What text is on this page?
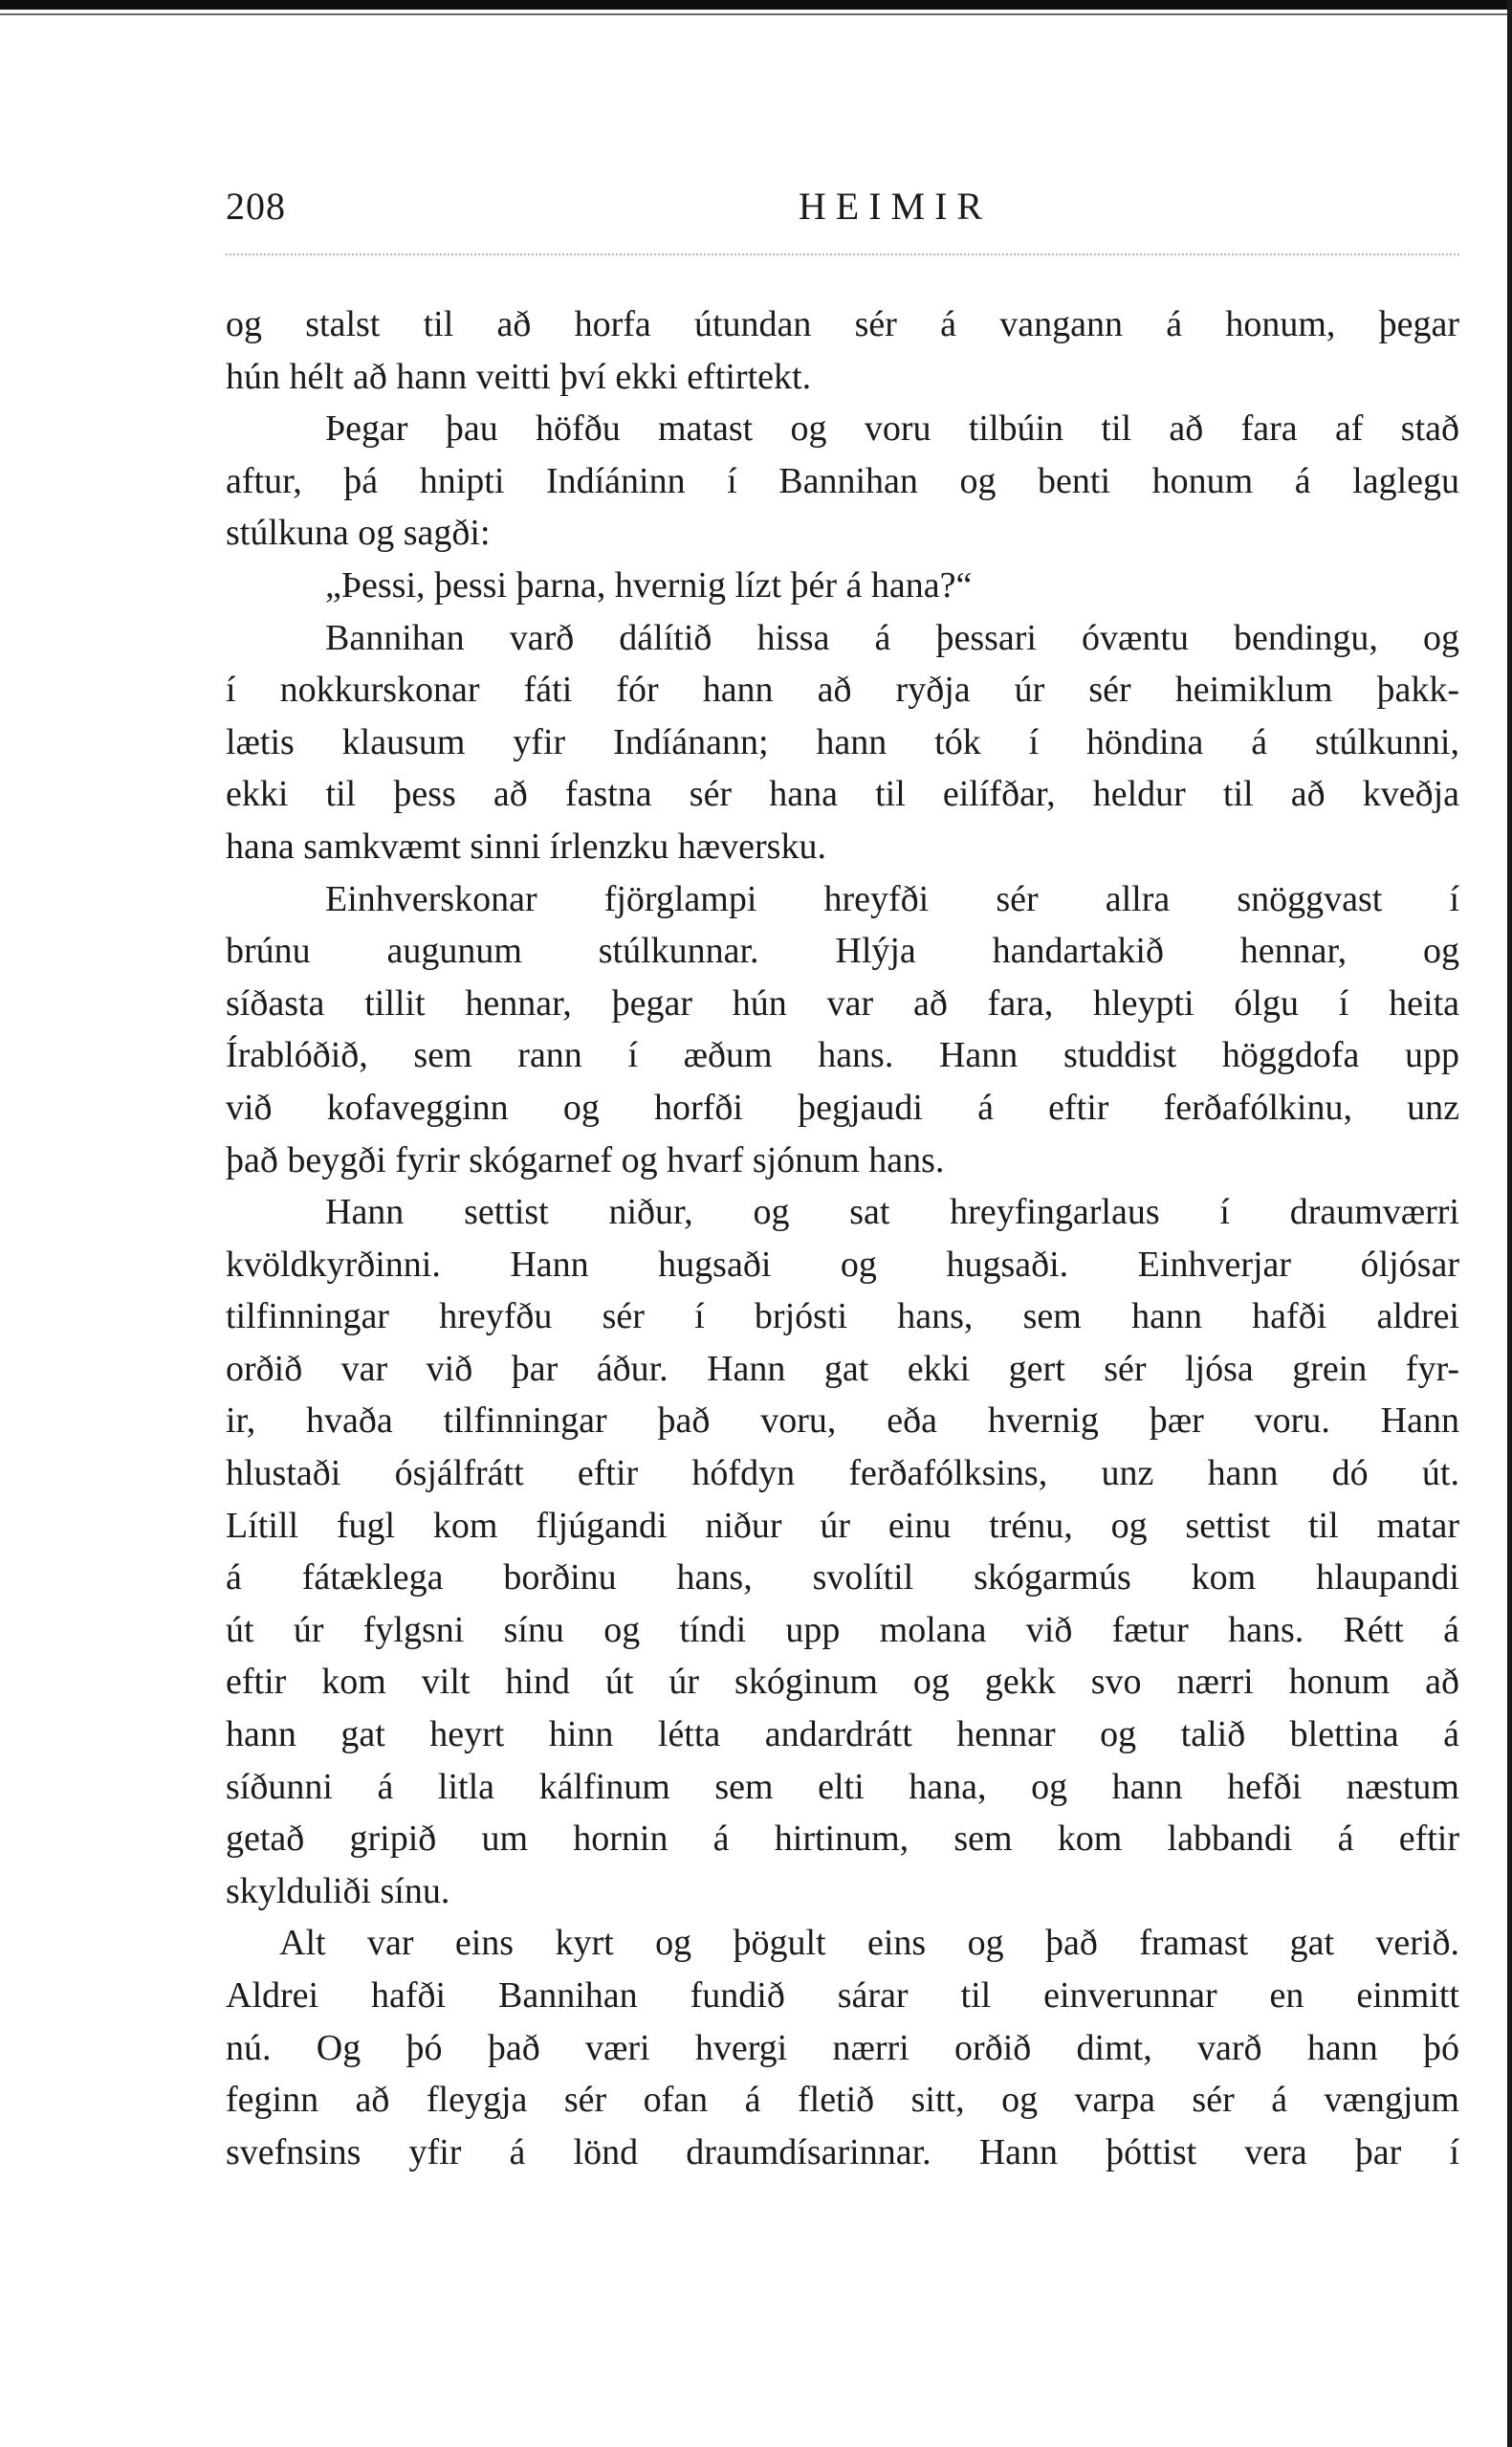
208	HEIMIR
og stalst til að horfa útundan sér á vangann á honum, þegar
hún hélt að hann veitti því ekki eftirtekt.
Þegar þau höfðu matast og voru tilbúin til að fara af stað
aftur, þá hnipti Indíáninn í Bannihan og benti honum á laglegu
stúlkuna og sagði:
„Þessi, þessi þarna, hvernig lízt þér á hana?“
Bannihan varð dálítið hissa á þessari óvæntu bendingu, og
í nokkurskonar fáti fór hann að ryðja úr sér heimiklum þakk-
lætis klausum yfir Indíánann; hann tók í höndina á stúlkunni,
ekki til þess að fastna sér hana til eilífðar, heldur til að kveðja
hana samkvæmt sinni írlenzku hæversku.
Einhverskonar fjörglampi hreyfði sér allra snöggvast í
brúnu augunum stúlkunnar. Hlýja handartakið hennar, og
síðasta tillit hennar, þegar hún var að fara, hleypti ólgu í heita
Írablóðið, sem rann í æðum hans. Hann studdist höggdofa upp
við kofavegginn og horfði þegjaudi á eftir ferðafólkinu, unz
það beygði fyrir skógarnef og hvarf sjónum hans.
Hann settist niður, og sat hreyfingarlaus í draumværri
kvöldkyrðinni. Hann hugsaði og hugsaði. Einhverjar óljósar
tilfinningar hreyfðu sér í brjósti hans, sem hann hafði aldrei
orðið var við þar áður. Hann gat ekki gert sér ljósa grein fyr-
ir, hvaða tilfinningar það voru, eða hvernig þær voru. Hann
hlustaði ósjálfrátt eftir hófdyn ferðafólksins, unz hann dó út.
Lítill fugl kom fljúgandi niður úr einu trénu, og settist til matar
á fátæklega borðinu hans, svolítil skógarmús kom hlaupandi
út úr fylgsni sínu og tíndi upp molana við fætur hans. Rétt á
eftir kom vilt hind út úr skóginum og gekk svo nærri honum að
hann gat heyrt hinn létta andardrátt hennar og talið blettina á
síðunni á litla kálfinum sem elti hana, og hann hefði næstum
getað gripið um hornin á hirtinum, sem kom labbandi á eftir
skylduliði sínu.
Alt var eins kyrt og þögult eins og það framast gat verið.
Aldrei hafði Bannihan fundið sárar til einverunnar en einmitt
nú. Og þó það væri hvergi nærri orðið dimt, varð hann þó
feginn að fleygja sér ofan á fletið sitt, og varpa sér á vængjum
svefnsins yfir á lönd draumdísarinnar. Hann þóttist vera þar í
